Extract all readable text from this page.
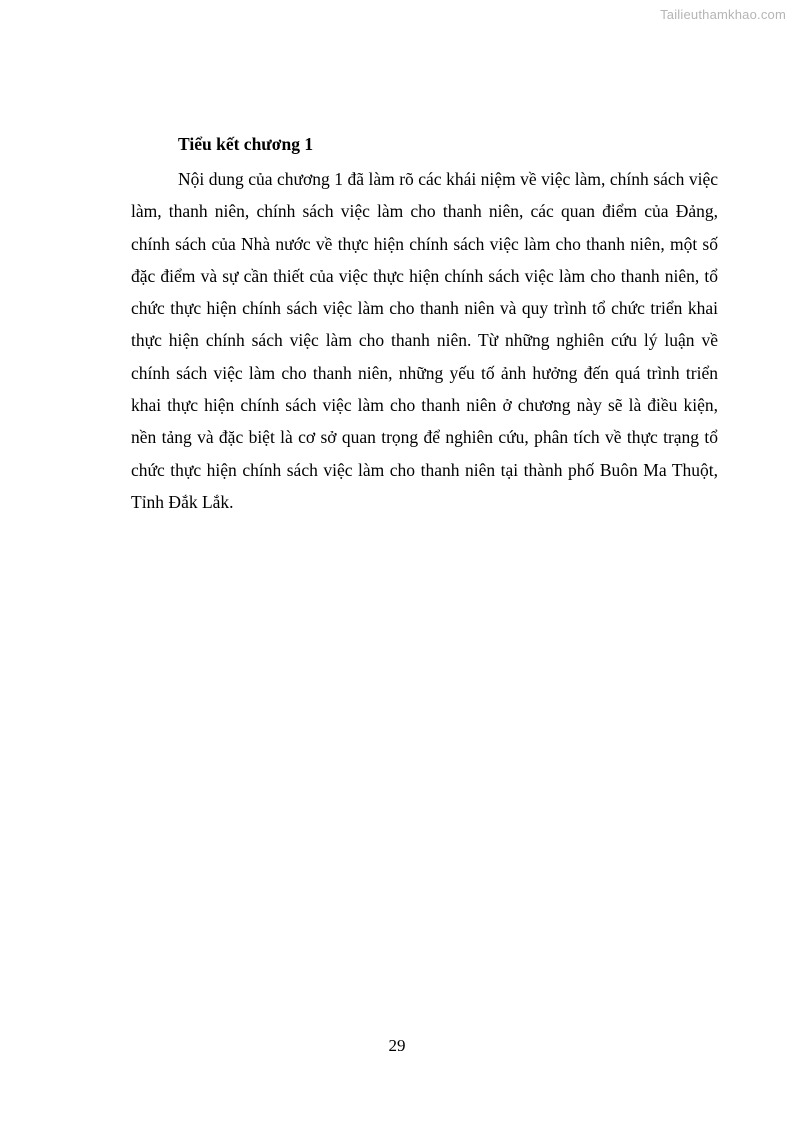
Tailieuthamkhao.com

Tiểu kết chương 1

Nội dung của chương 1 đã làm rõ các khái niệm về việc làm, chính sách việc làm, thanh niên, chính sách việc làm cho thanh niên, các quan điểm của Đảng, chính sách của Nhà nước về thực hiện chính sách việc làm cho thanh niên, một số đặc điểm và sự cần thiết của việc thực hiện chính sách việc làm cho thanh niên, tổ chức thực hiện chính sách việc làm cho thanh niên và quy trình tổ chức triển khai thực hiện chính sách việc làm cho thanh niên. Từ những nghiên cứu lý luận về chính sách việc làm cho thanh niên, những yếu tố ảnh hưởng đến quá trình triển khai thực hiện chính sách việc làm cho thanh niên ở chương này sẽ là điều kiện, nền tảng và đặc biệt là cơ sở quan trọng để nghiên cứu, phân tích về thực trạng tổ chức thực hiện chính sách việc làm cho thanh niên tại thành phố Buôn Ma Thuột, Tỉnh Đắk Lắk.

29
